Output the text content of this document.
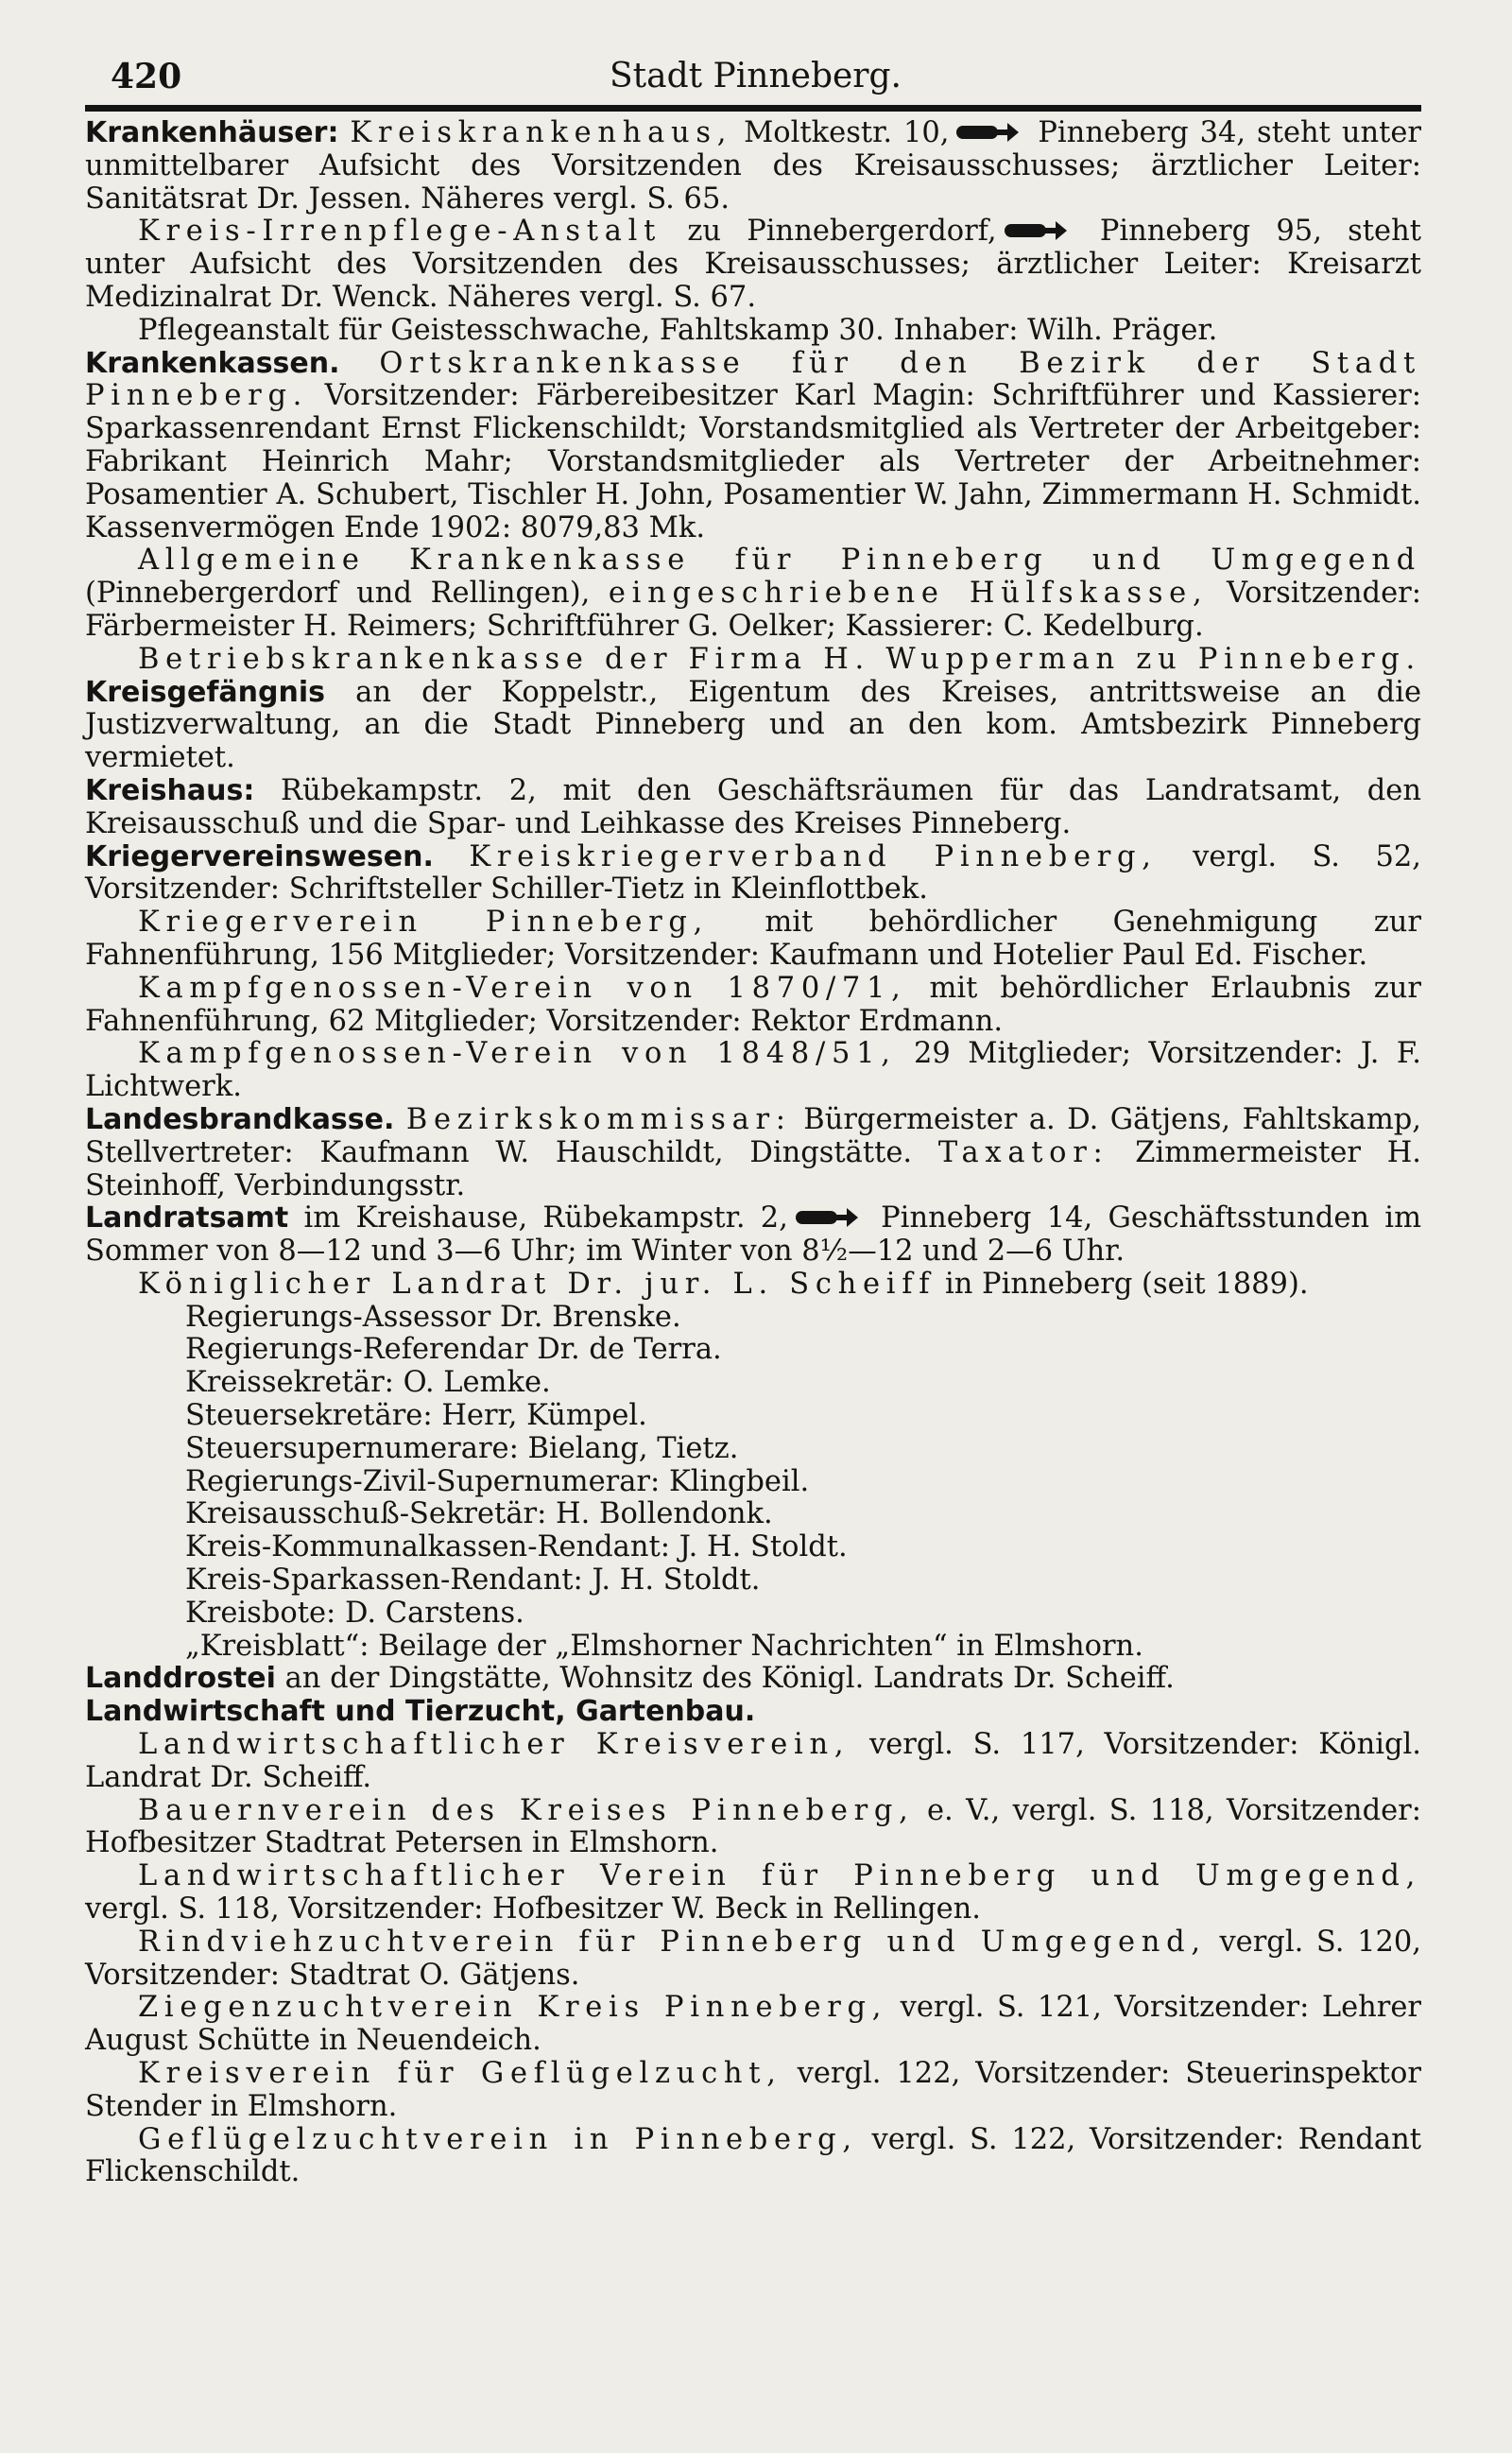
420	Stadt Pinneberg.

Krankenhäuser: Kreiskrankenhaus, Moltkestr. 10,	Pinneberg 34, steht unter unmittelbarer Aufsicht des Vorsitzenden des Kreisausschusses; ärztlicher Leiter: Sanitätsrat Dr. Jessen. Näheres vergl. S. 65.

Kreis-Irrenpflege-Anstalt zu Pinnebergerdorf,	Pinneberg 95, steht unter Aufsicht des Vorsitzenden des Kreisausschusses; ärztlicher Leiter: Kreisarzt Medizinalrat Dr. Wenck. Näheres vergl. S. 67.

Pflegeanstalt für Geistesschwache, Fahltskamp 30. Inhaber: Wilh. Präger.

Krankenkassen. Ortskrankenkasse für den Bezirk der Stadt Pinneberg. Vorsitzender: Färbereibesitzer Karl Magin: Schriftführer und Kassierer: Sparkassenrendant Ernst Flickenschildt; Vorstandsmitglied als Vertreter der Arbeitgeber: Fabrikant Heinrich Mahr; Vorstandsmitglieder als Vertreter der Arbeitnehmer: Posamentier A. Schubert, Tischler H. John, Posamentier W. Jahn, Zimmermann H. Schmidt. Kassenvermögen Ende 1902: 8079,83 Mk.

Allgemeine Krankenkasse für Pinneberg und Umgegend (Pinnebergerdorf und Rellingen), eingeschriebene Hülfskasse, Vorsitzender: Färbermeister H. Reimers; Schriftführer G. Oelker; Kassierer: C. Kedelburg.

Betriebskrankenkasse der Firma H. Wupperman zu Pinneberg.

Kreisgefängnis an der Koppelstr., Eigentum des Kreises, antrittsweise an die Justizverwaltung, an die Stadt Pinneberg und an den kom. Amtsbezirk Pinneberg vermietet.

Kreishaus: Rübekampstr. 2, mit den Geschäftsräumen für das Landratsamt, den Kreisausschuß und die Spar- und Leihkasse des Kreises Pinneberg.

Kriegervereinswesen. Kreiskriegerverband Pinneberg, vergl. S. 52, Vorsitzender: Schriftsteller Schiller-Tietz in Kleinflottbek.

Kriegerverein Pinneberg, mit behördlicher Genehmigung zur Fahnenführung, 156 Mitglieder; Vorsitzender: Kaufmann und Hotelier Paul Ed. Fischer.

Kampfgenossen-Verein von 1870/71, mit behördlicher Erlaubnis zur Fahnenführung, 62 Mitglieder; Vorsitzender: Rektor Erdmann.

Kampfgenossen-Verein von 1848/51, 29 Mitglieder; Vorsitzender: J. F. Lichtwerk.

Landesbrandkasse. Bezirkskommissar: Bürgermeister a. D. Gätjens, Fahltskamp, Stellvertreter: Kaufmann W. Hauschildt, Dingstätte. Taxator: Zimmermeister H. Steinhoff, Verbindungsstr.

Landratsamt im Kreishause, Rübekampstr. 2,	Pinneberg 14, Geschäftsstunden im Sommer von 8—12 und 3—6 Uhr; im Winter von 8½—12 und 2—6 Uhr.

Königlicher Landrat Dr. jur. L. Scheiff in Pinneberg (seit 1889).

Regierungs-Assessor Dr. Brenske.

Regierungs-Referendar Dr. de Terra.

Kreissekretär: O. Lemke.

Steuersekretäre: Herr, Kümpel.

Steuersupernumerare: Bielang, Tietz.

Regierungs-Zivil-Supernumerar: Klingbeil.

Kreisausschuß-Sekretär: H. Bollendonk.

Kreis-Kommunalkassen-Rendant: J. H. Stoldt.

Kreis-Sparkassen-Rendant: J. H. Stoldt.

Kreisbote: D. Carstens.

„Kreisblatt“: Beilage der „Elmshorner Nachrichten“ in Elmshorn.

Landdrostei an der Dingstätte, Wohnsitz des Königl. Landrats Dr. Scheiff.

Landwirtschaft und Tierzucht, Gartenbau.

Landwirtschaftlicher Kreisverein, vergl. S. 117, Vorsitzender: Königl. Landrat Dr. Scheiff.

Bauernverein des Kreises Pinneberg, e. V., vergl. S. 118, Vorsitzender: Hofbesitzer Stadtrat Petersen in Elmshorn.

Landwirtschaftlicher Verein für Pinneberg und Umgegend, vergl. S. 118, Vorsitzender: Hofbesitzer W. Beck in Rellingen.

Rindviehzuchtverein für Pinneberg und Umgegend, vergl. S. 120, Vorsitzender: Stadtrat O. Gätjens.

Ziegenzuchtverein Kreis Pinneberg, vergl. S. 121, Vorsitzender: Lehrer August Schütte in Neuendeich.

Kreisverein für Geflügelzucht, vergl. 122, Vorsitzender: Steuerinspektor Stender in Elmshorn.

Geflügelzuchtverein in Pinneberg, vergl. S. 122, Vorsitzender: Rendant Flickenschildt.
